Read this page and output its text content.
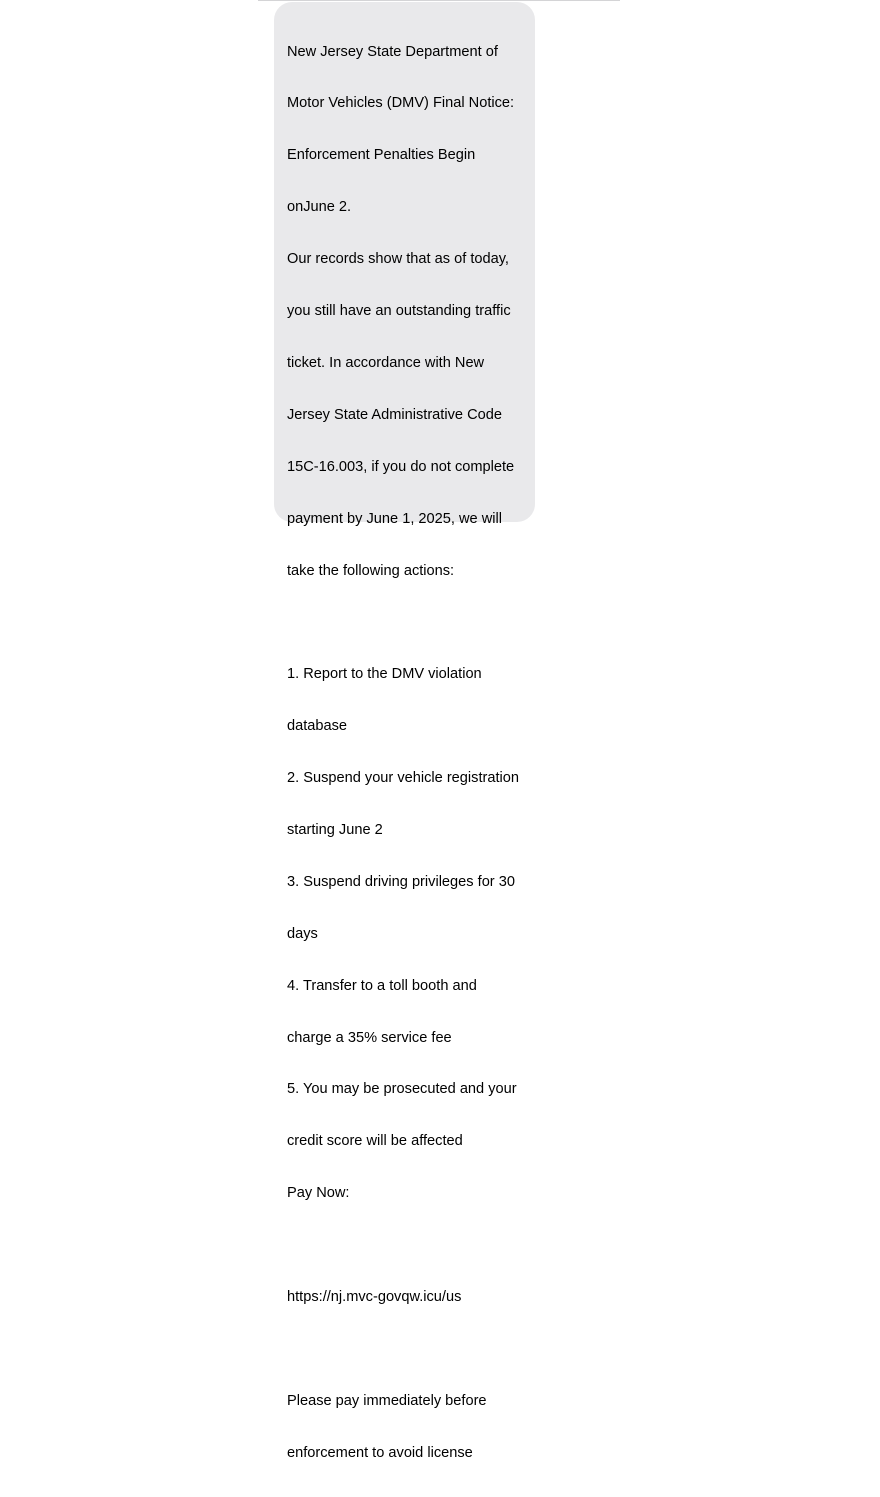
New Jersey State Department of

Motor Vehicles (DMV) Final Notice:

Enforcement Penalties Begin

onJune 2.

Our records show that as of today,

you still have an outstanding traffic

ticket. In accordance with New

Jersey State Administrative Code

15C-16.003, if you do not complete

payment by June 1, 2025, we will

take the following actions:

1. Report to the DMV violation

database

2. Suspend your vehicle registration

starting June 2

3. Suspend driving privileges for 30

days

4. Transfer to a toll booth and

charge a 35% service fee

5. You may be prosecuted and your

credit score will be affected

Pay Now:

https://nj.mvc-govqw.icu/us

Please pay immediately before

enforcement to avoid license
